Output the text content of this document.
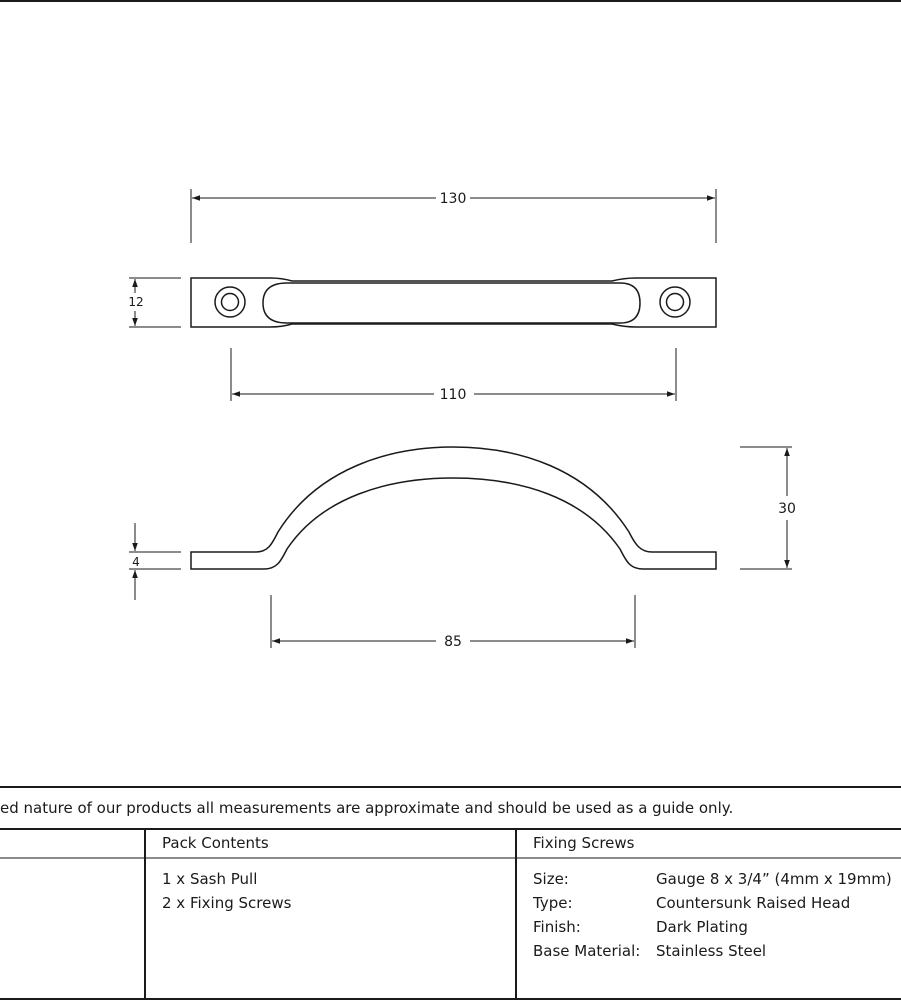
130
110
12
30
4
85
ed nature of our products all measurements are approximate and should be used as a guide only.
Pack Contents
1 x Sash Pull
2 x Fixing Screws
Fixing Screws
Size:	Gauge 8 x 3/4” (4mm x 19mm)
Type:	Countersunk Raised Head
Finish:	Dark Plating
Base Material: Stainless Steel
